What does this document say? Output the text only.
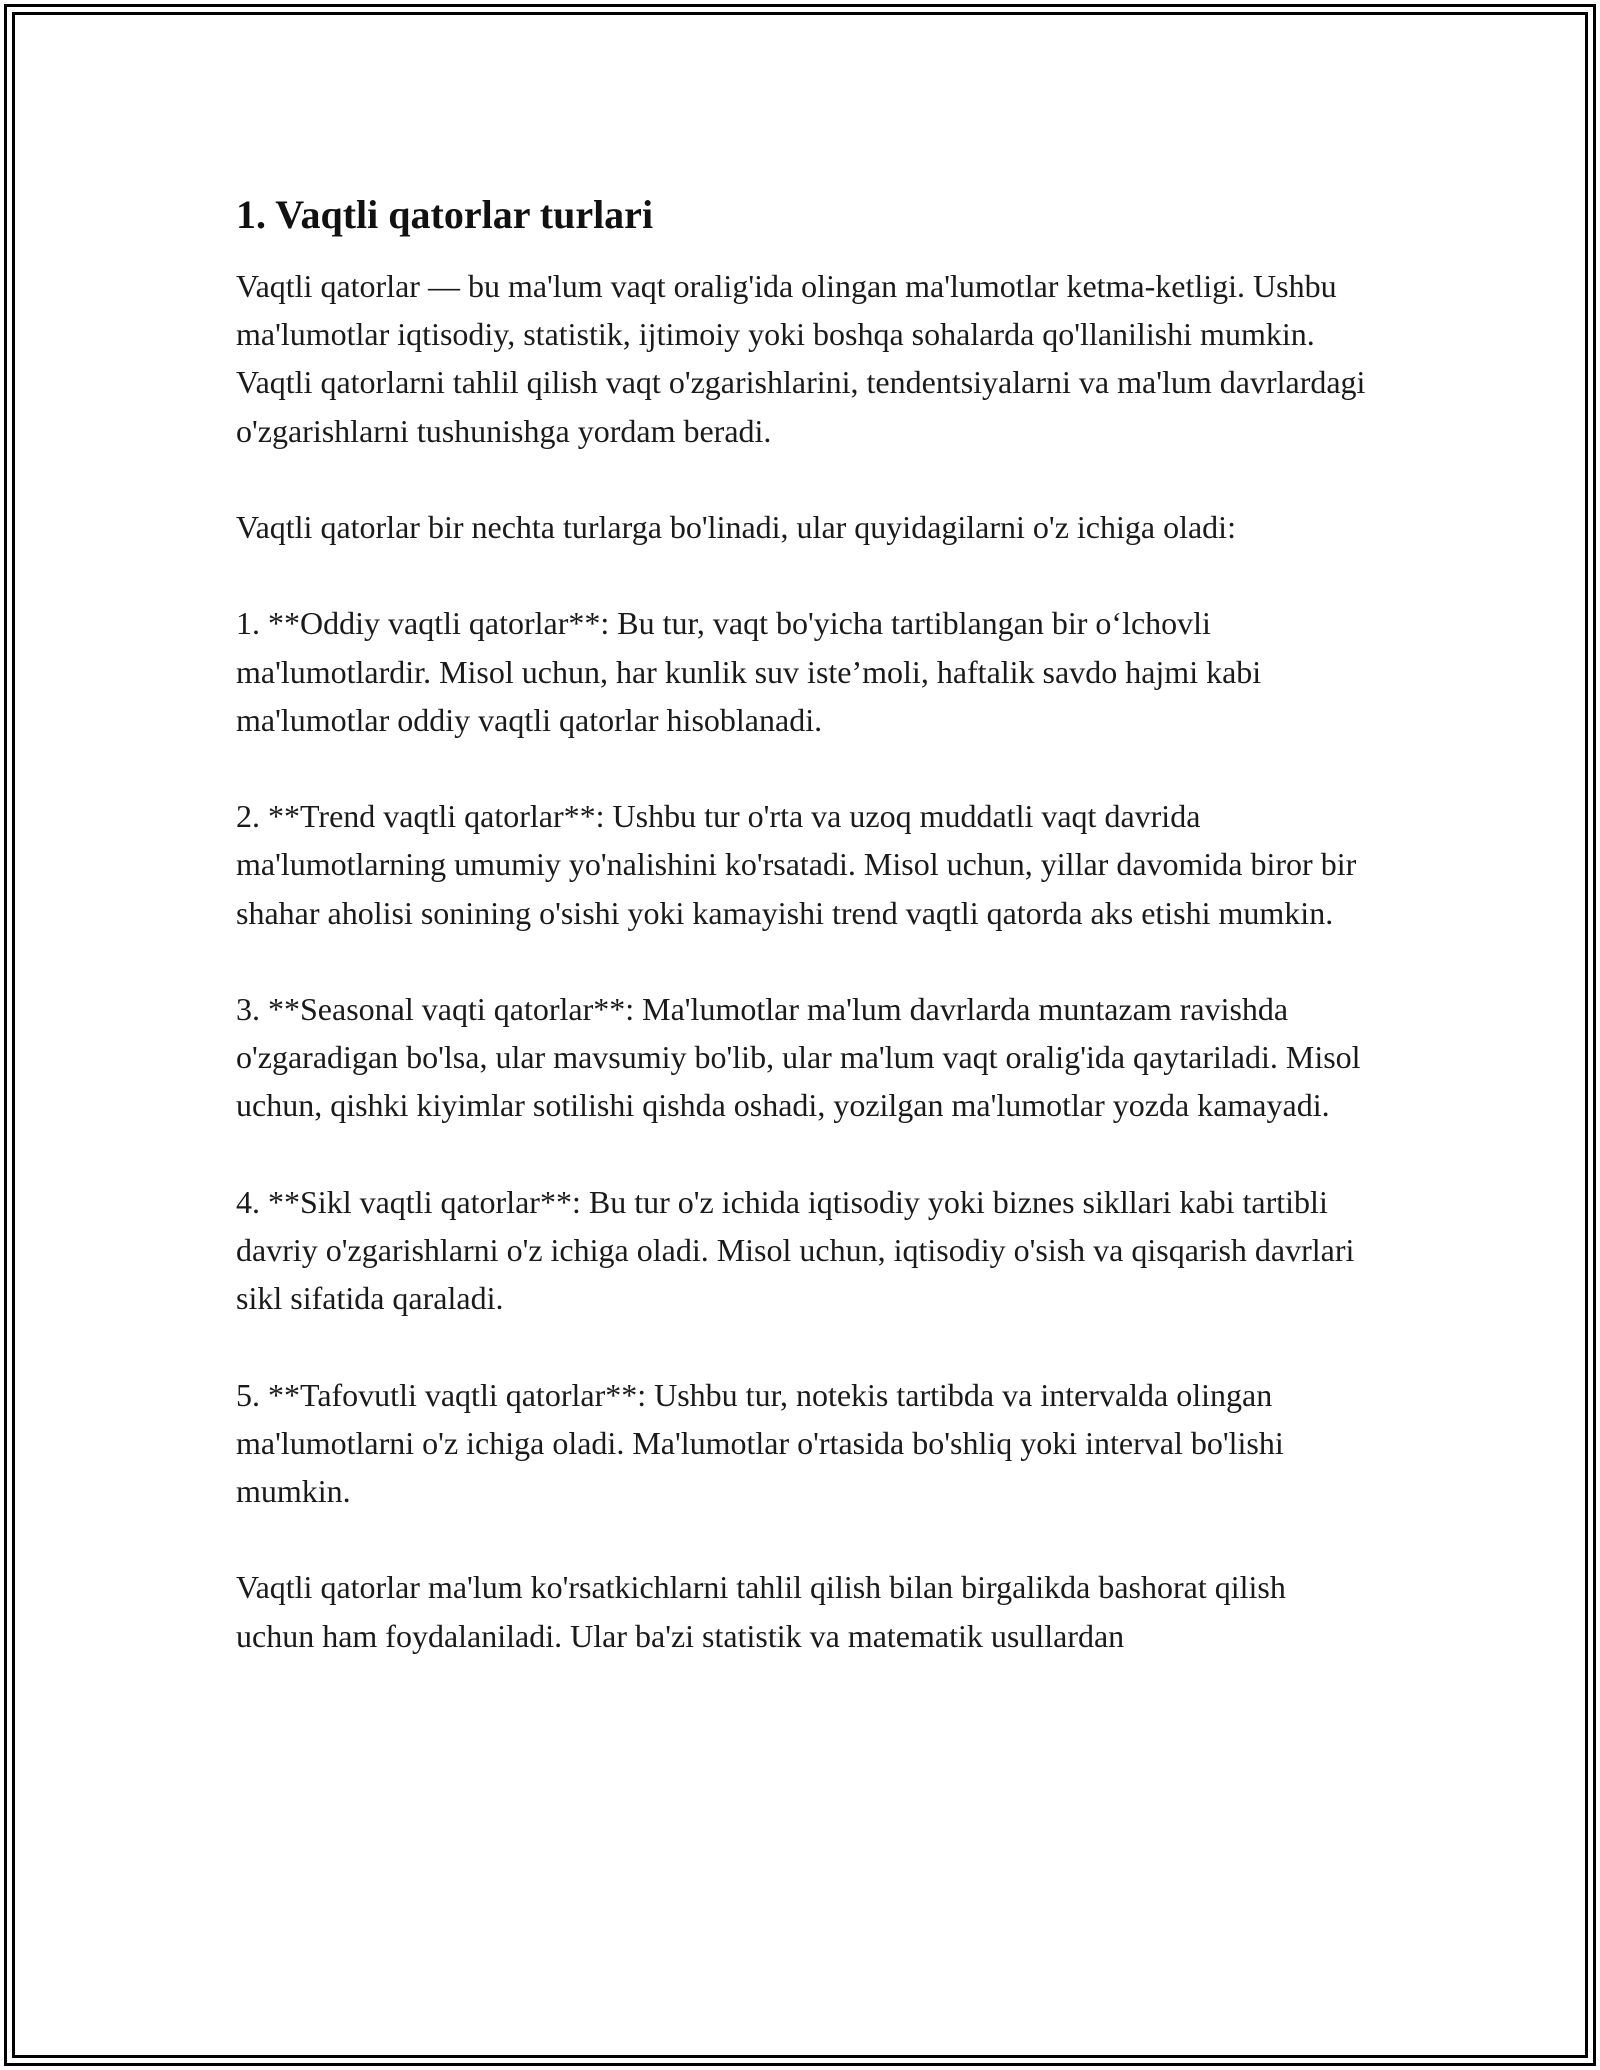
1. Vaqtli qatorlar turlari

Vaqtli qatorlar — bu ma'lum vaqt oralig'ida olingan ma'lumotlar ketma-ketligi. Ushbu ma'lumotlar iqtisodiy, statistik, ijtimoiy yoki boshqa sohalarda qo'llanilishi mumkin. Vaqtli qatorlarni tahlil qilish vaqt o'zgarishlarini, tendentsiyalarni va ma'lum davrlardagi o'zgarishlarni tushunishga yordam beradi.

Vaqtli qatorlar bir nechta turlarga bo'linadi, ular quyidagilarni o'z ichiga oladi:

1. **Oddiy vaqtli qatorlar**: Bu tur, vaqt bo'yicha tartiblangan bir o‘lchovli ma'lumotlardir. Misol uchun, har kunlik suv iste’moli, haftalik savdo hajmi kabi ma'lumotlar oddiy vaqtli qatorlar hisoblanadi.

2. **Trend vaqtli qatorlar**: Ushbu tur o'rta va uzoq muddatli vaqt davrida ma'lumotlarning umumiy yo'nalishini ko'rsatadi. Misol uchun, yillar davomida biror bir shahar aholisi sonining o'sishi yoki kamayishi trend vaqtli qatorda aks etishi mumkin.

3. **Seasonal vaqti qatorlar**: Ma'lumotlar ma'lum davrlarda muntazam ravishda o'zgaradigan bo'lsa, ular mavsumiy bo'lib, ular ma'lum vaqt oralig'ida qaytariladi. Misol uchun, qishki kiyimlar sotilishi qishda oshadi, yozilgan ma'lumotlar yozda kamayadi.

4. **Sikl vaqtli qatorlar**: Bu tur o'z ichida iqtisodiy yoki biznes sikllari kabi tartibli davriy o'zgarishlarni o'z ichiga oladi. Misol uchun, iqtisodiy o'sish va qisqarish davrlari sikl sifatida qaraladi.

5. **Tafovutli vaqtli qatorlar**: Ushbu tur, notekis tartibda va intervalda olingan ma'lumotlarni o'z ichiga oladi. Ma'lumotlar o'rtasida bo'shliq yoki interval bo'lishi mumkin.

Vaqtli qatorlar ma'lum ko'rsatkichlarni tahlil qilish bilan birgalikda bashorat qilish uchun ham foydalaniladi. Ular ba'zi statistik va matematik usullardan
